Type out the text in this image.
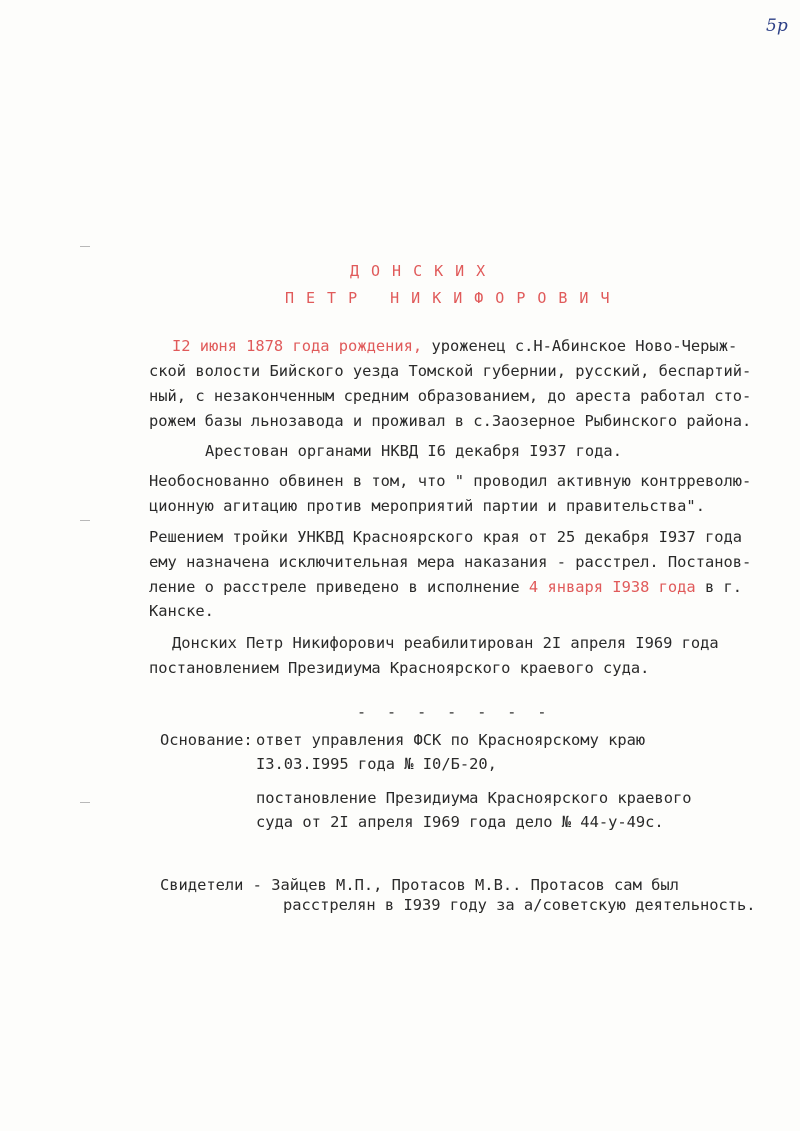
5р
ДОНСКИХ
ПЕТР НИКИФОРОВИЧ
I2 июня 1878 года рождения, уроженец с.Н-Абинское Ново-Черыж-
ской волости Бийского уезда Томской губернии, русский, беспартий-
ный, с незаконченным средним образованием, до ареста работал сто-
рожем базы льнозавода и проживал в с.Заозерное Рыбинского района.
Арестован органами НКВД I6 декабря I937 года.
Необоснованно обвинен в том, что " проводил активную контрреволю-
ционную агитацию против мероприятий партии и правительства".
Решением тройки УНКВД Красноярского края от 25 декабря I937 года
ему назначена исключительная мера наказания - расстрел. Постанов-
ление о расстреле приведено в исполнение 4 января I938 года в г.
Канске.
Донских Петр Никифорович реабилитирован 2I апреля I969 года
постановлением Президиума Красноярского краевого суда.
- - - - - - -
Основание: ответ управления ФСК по Красноярскому краю
I3.03.I995 года № I0/Б-20,
постановление Президиума Красноярского краевого
суда от 2I апреля I969 года дело № 44-у-49с.
Свидетели - Зайцев М.П., Протасов М.В.. Протасов сам был
расстрелян в I939 году за а/советскую деятельность.
